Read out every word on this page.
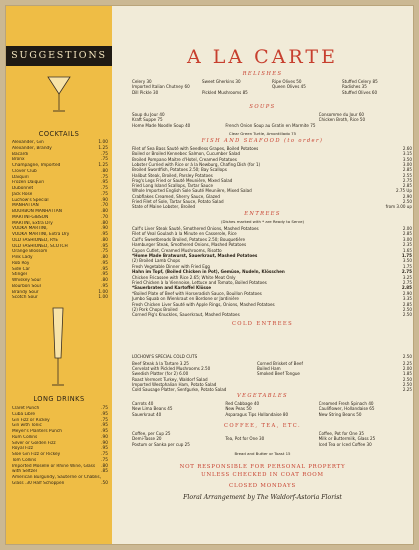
SUGGESTIONS
COCKTAILS
Alexander, Gin	1.00
Alexander, Brandy	1.25
Bacardi	.75
Bronx	.75
Champagne, Imported	1.25
Clover Club	.80
Daiquiri	.75
Frozen Daiquiri	.95
Dubonnet	.75
Jack Rose	.75
Lüchow's Special	.90
MANHATTAN	.70
BOURBON MANHATTAN	.80
MARTINI-GIBSON	.70
MARTINI, Extra Dry	.80
VODKA MARTINI,	.90
VODKA MARTINI, Extra Dry	.95
OLD FASHIONED, RYE	.80
OLD FASHIONED, SCOTCH	.95
Orange Blossom	.75
Pink Lady	.80
Rob Roy	.95
Side Car	.95
Stinger	.95
Whiskey Sour	.80
Bourbon Sour	.95
Brandy Sour	1.00
Scotch Sour	1.00
LONG DRINKS
Claret Punch	.75
Cuba Libre	.95
Gin Fizz or Rickey	.75
Gin with Tonic	.95
Meyer's Planters Punch	.95
Rum Collins	.90
Silver or Golden Fizz	.90
Royal Fizz	.95
Sloe Gin Fizz or Rickey	.75
Tom Collins	.75
Imported Moselle or Rhine Wine, Glass .80
with Seltzer	.85
American Burgundy, Sauterne or Chablis,
Glass .30 Half Schoppen	.50
A LA CARTE
RELISHES
Celery 30	Sweet Gherkins 30	Ripe Olives 50	Stuffed Celery 85
Imported Italian Chutney 60	Queen Olives 45	Radishes 35
Dill Pickle 30	Pickled Mushrooms 85	Stuffed Olives 60
SOUPS
Soup du Jour 40	Consomme du Jour 60
Kraft Suppe 75	Chicken Broth, Rice 50
Home Made Noodle Soup 40	French Onion Soup au Gratin en Marmite 75
Clear Green Turtle, Amontillado 75
FISH AND SEAFOOD (to order)
Filet of Sea Bass Sauté with Seedless Grapes, Boiled Potatoes	2.60
Boiled or Broiled Kennebec Salmon, Cucumber Salad	3.15
Broiled Pompano Maitre d'Hotel, Creamed Potatoes	3.50
Lobster Curried with Rice or à la Newburg, Chafing Dish (for 1)	3.00
Broiled Swordfish, Potatoes 2.50; Bay Scallops	2.85
Halibut Steak, Broiled, Parsley Potatoes	2.55
Frog's Legs Fried or Sauté Meunière, Mixed Salad	2.75
Fried Long Island Scallops, Tartar Sauce	2.85
Whole Imported English Sole Sauté Meunière, Mixed Salad	2.75 Up
Crabflakes Creamed, Sherry Sauce, Glazed	2.90
Fried Filet of Sole, Tartar Sauce, Potato Salad	2.50
State of Maine Lobster, Broiled	from 3.00 up
ENTREES
(Dishes marked with * are Ready to Serve)
Calf's Liver Steak Sauté, Smothered Onions, Mashed Potatoes	2.00
Filet of Veal Goulash à la Minute en Casserole, Rice	2.85
Calf's Sweetbreads Broiled, Potatoes 2.50; Bouquetière	3.00
Hamburger Steak, Smothered Onions, Mashed Potatoes	2.35
Capon Cutlet, Creamed Mushrooms, Risotto	1.65
*Home Made Bratwurst, Sauerkraut, Mashed Potatoes	1.75
(2) Broiled Lamb Chops	3.50
Fresh Vegetable Dinner with Fried Egg	1.75
Hahn im Topf, (Boiled Chicken in Pot), Gemüse, Nudeln, Klösschen	2.75
Chicken Fricassee with Rice 2.65; White Meat Only	3.25
Fried Chicken à la Viennoise, Lettuce and Tomato, Boiled Potatoes	2.75
*Sauerbraten and Kartoffel Klösse	2.85
*Boiled Plate of Beef with Horseradish Sauce, Bouillon Potatoes	2.90
Jumbo Squab on Wienkraut en Bordone or Jardinière	3.35
Fresh Chicken Liver Sauté with Apple Rings, Onions, Mashed Potatoes	2.85
(2) Pork Chops Broiled	2.50
Corned Pig's Knuckles, Sauerkraut, Mashed Potatoes	2.50
COLD ENTREES
LÜCHOW'S SPECIAL COLD CUTS	2.50
Beef Steak à la Tartare 3.25	Corned Brisket of Beef	2.25
Cervelat with Pickled Mushrooms 2.50	Boiled Ham	2.00
Swedish Platter (for 2) 6.00	Smoked Beef Tongue	1.85
Roast Vermont Turkey, Waldorf Salad	2.50
Imported Westphalian Ham, Potato Salad	2.50
Cold Sausage Platter, Senfgurke, Potato Salad	2.25
VEGETABLES
Carrots 40	Red Cabbage 40	Creamed Fresh Spinach 40
New Lima Beans 45	New Peas 50	Cauliflower, Hollandaise 65
Sauerkraut 40	Asparagus Tips Hollandaise 80	New String Beans 50
COFFEE, TEA, ETC.
Coffee, per Cup 25	Coffee, Pot for One 35
Demi-Tasse 20	Tea, Pot for One 30	Milk or Buttermilk, Glass 25
Postum or Sanka per cup 25	Iced Tea or Iced Coffee 30
Bread and Butter or Toast 15
NOT RESPONSIBLE FOR PERSONAL PROPERTY
UNLESS CHECKED IN COAT ROOM
CLOSED MONDAYS
Floral Arrangement by The Waldorf-Astoria Florist
